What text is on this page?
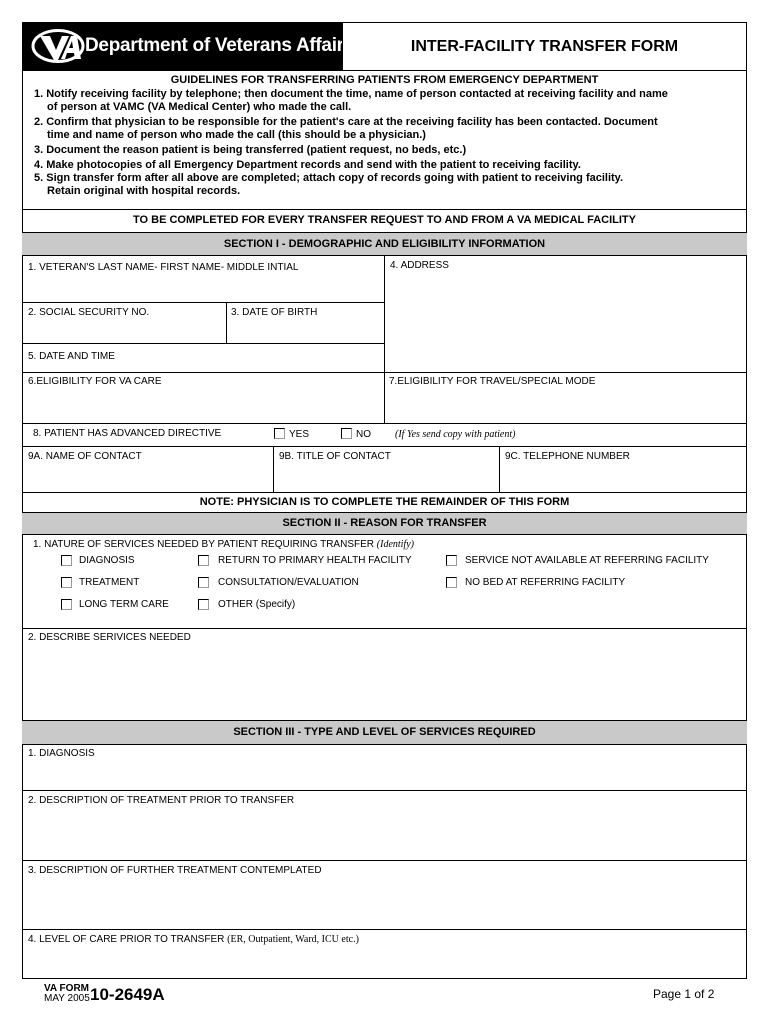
Department of Veterans Affairs	INTER-FACILITY TRANSFER FORM
GUIDELINES FOR TRANSFERRING PATIENTS FROM EMERGENCY DEPARTMENT
1. Notify receiving facility by telephone; then document the time, name of person contacted at receiving facility and name
of person at VAMC (VA Medical Center) who made the call.
2. Confirm that physician to be responsible for the patient's care at the receiving facility has been contacted. Document
time and name of person who made the call (this should be a physician.)
3. Document the reason patient is being transferred (patient request, no beds, etc.)
4. Make photocopies of all Emergency Department records and send with the patient to receiving facility.
5. Sign transfer form after all above are completed; attach copy of records going with patient to receiving facility.
Retain original with hospital records.
TO BE COMPLETED FOR EVERY TRANSFER REQUEST TO AND FROM A VA MEDICAL FACILITY
SECTION I - DEMOGRAPHIC AND ELIGIBILITY INFORMATION
1. VETERAN'S LAST NAME- FIRST NAME- MIDDLE INTIAL	4. ADDRESS
2. SOCIAL SECURITY NO.	3. DATE OF BIRTH
5. DATE AND TIME
6.ELIGIBILITY FOR VA CARE	7.ELIGIBILITY FOR TRAVEL/SPECIAL MODE
8. PATIENT HAS ADVANCED DIRECTIVE	YES	NO (If Yes send copy with patient)
9A. NAME OF CONTACT	9B. TITLE OF CONTACT	9C. TELEPHONE NUMBER
NOTE: PHYSICIAN IS TO COMPLETE THE REMAINDER OF THIS FORM
SECTION II - REASON FOR TRANSFER
1. NATURE OF SERVICES NEEDED BY PATIENT REQUIRING TRANSFER (Identify)
DIAGNOSIS	RETURN TO PRIMARY HEALTH FACILITY	SERVICE NOT AVAILABLE AT REFERRING FACILITY
TREATMENT	CONSULTATION/EVALUATION	NO BED AT REFERRING FACILITY
LONG TERM CARE	OTHER (Specify)
2. DESCRIBE SERIVICES NEEDED
SECTION III - TYPE AND LEVEL OF SERVICES REQUIRED
1. DIAGNOSIS
2. DESCRIPTION OF TREATMENT PRIOR TO TRANSFER
3. DESCRIPTION OF FURTHER TREATMENT CONTEMPLATED
4. LEVEL OF CARE PRIOR TO TRANSFER (ER, Outpatient, Ward, ICU etc.)
VA FORM
MAY 2005 10-2649A	Page 1 of 2
